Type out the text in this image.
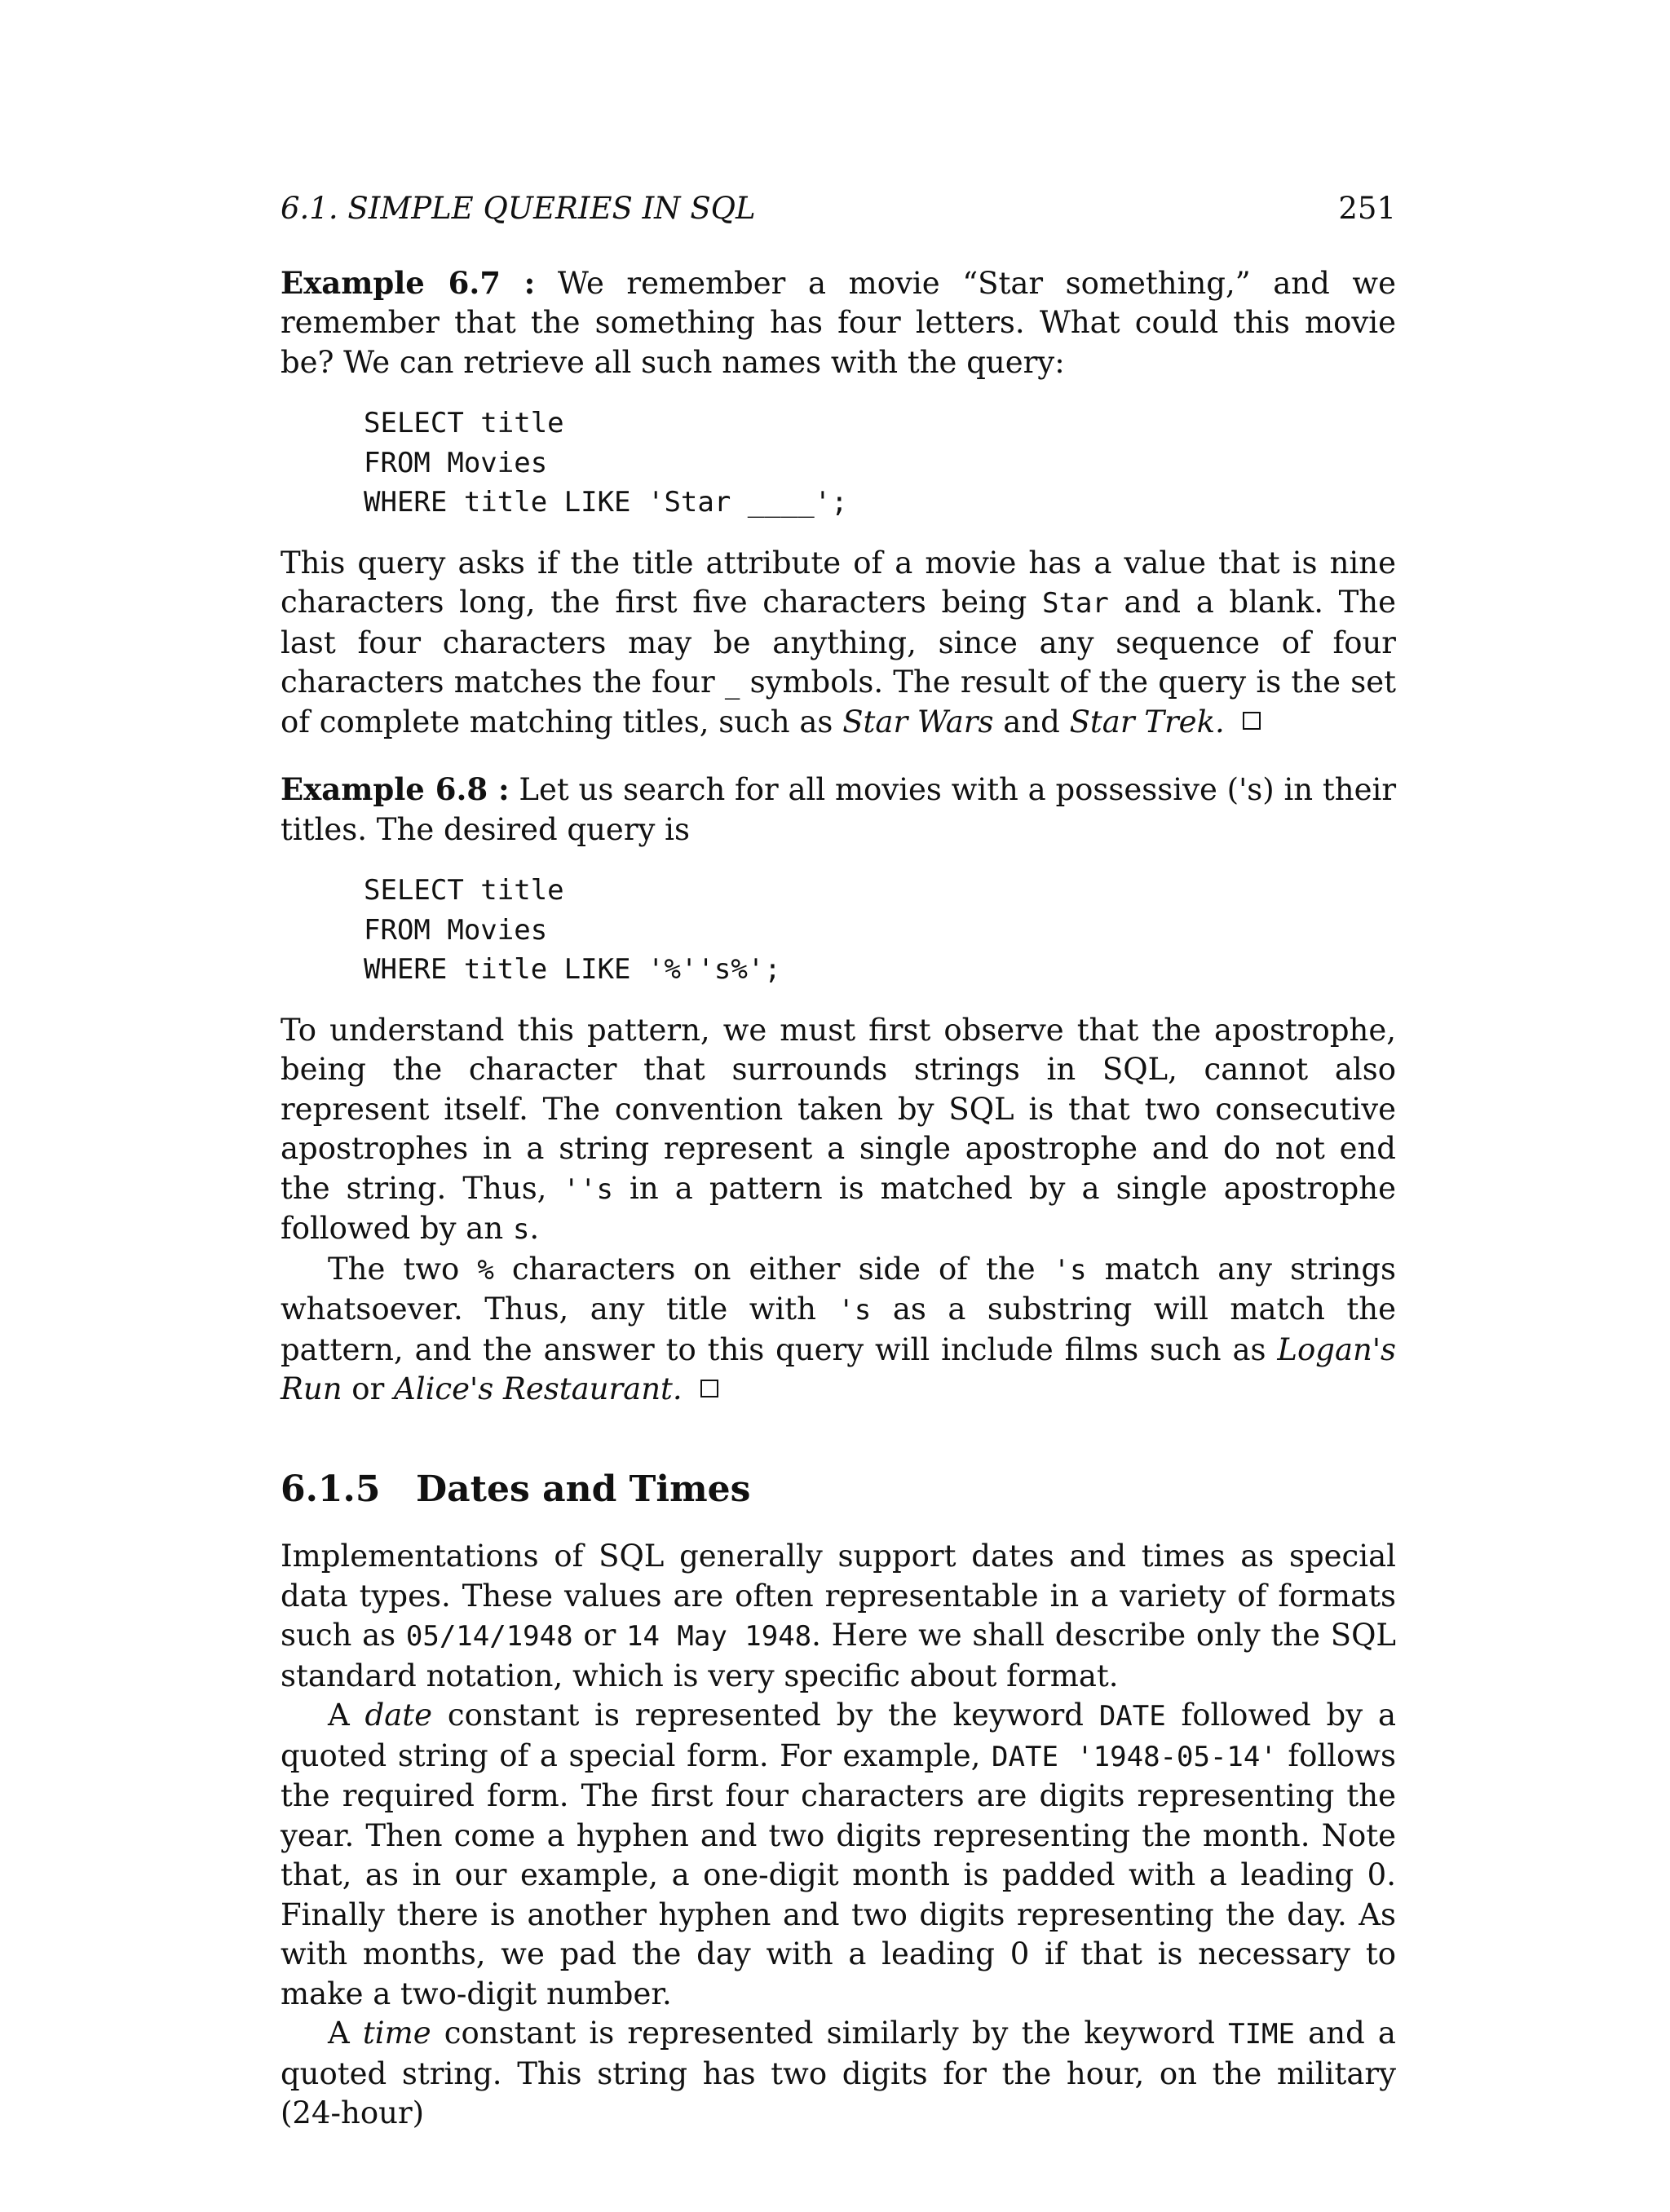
6.1. SIMPLE QUERIES IN SQL	251

Example 6.7 : We remember a movie “Star something,” and we remember that the something has four letters. What could this movie be? We can retrieve all such names with the query:

SELECT title
FROM Movies
WHERE title LIKE 'Star ____';

This query asks if the title attribute of a movie has a value that is nine characters long, the first five characters being Star and a blank. The last four characters may be anything, since any sequence of four characters matches the four _ symbols. The result of the query is the set of complete matching titles, such as Star Wars and Star Trek.

Example 6.8 : Let us search for all movies with a possessive ('s) in their titles. The desired query is

SELECT title
FROM Movies
WHERE title LIKE '%''s%';

To understand this pattern, we must first observe that the apostrophe, being the character that surrounds strings in SQL, cannot also represent itself. The convention taken by SQL is that two consecutive apostrophes in a string represent a single apostrophe and do not end the string. Thus, ''s in a pattern is matched by a single apostrophe followed by an s.

The two % characters on either side of the 's match any strings whatsoever. Thus, any title with 's as a substring will match the pattern, and the answer to this query will include films such as Logan's Run or Alice's Restaurant.

6.1.5 Dates and Times

Implementations of SQL generally support dates and times as special data types. These values are often representable in a variety of formats such as 05/14/1948 or 14 May 1948. Here we shall describe only the SQL standard notation, which is very specific about format.

A date constant is represented by the keyword DATE followed by a quoted string of a special form. For example, DATE '1948-05-14' follows the required form. The first four characters are digits representing the year. Then come a hyphen and two digits representing the month. Note that, as in our example, a one-digit month is padded with a leading 0. Finally there is another hyphen and two digits representing the day. As with months, we pad the day with a leading 0 if that is necessary to make a two-digit number.

A time constant is represented similarly by the keyword TIME and a quoted string. This string has two digits for the hour, on the military (24-hour)
